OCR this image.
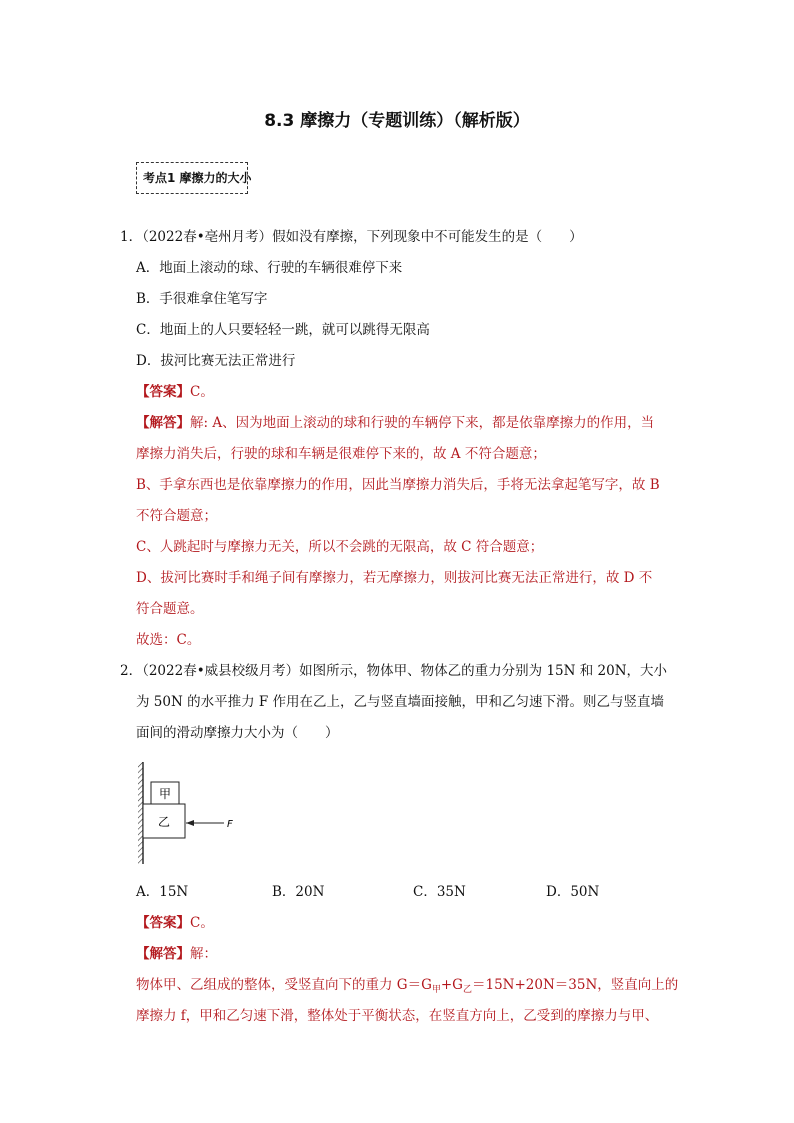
8.3 摩擦力（专题训练）（解析版）
考点1 摩擦力的大小
1．（2022春•亳州月考）假如没有摩擦，下列现象中不可能发生的是（　　）
A．地面上滚动的球、行驶的车辆很难停下来
B．手很难拿住笔写字
C．地面上的人只要轻轻一跳，就可以跳得无限高
D．拔河比赛无法正常进行
【答案】C。
【解答】解: A、因为地面上滚动的球和行驶的车辆停下来，都是依靠摩擦力的作用，当
摩擦力消失后，行驶的球和车辆是很难停下来的，故 A 不符合题意；
B、手拿东西也是依靠摩擦力的作用，因此当摩擦力消失后，手将无法拿起笔写字，故 B
不符合题意；
C、人跳起时与摩擦力无关，所以不会跳的无限高，故 C 符合题意；
D、拔河比赛时手和绳子间有摩擦力，若无摩擦力，则拔河比赛无法正常进行，故 D 不
符合题意。
故选：C。
2．（2022春•威县校级月考）如图所示，物体甲、物体乙的重力分别为 15N 和 20N，大小
为 50N 的水平推力 F 作用在乙上，乙与竖直墙面接触，甲和乙匀速下滑。则乙与竖直墙
面间的滑动摩擦力大小为（　　）
甲
乙	F
A．15N	B．20N	C．35N	D．50N
【答案】C。
【解答】解：
物体甲、乙组成的整体，受竖直向下的重力 $G=G_甲+G_乙=15N+20N=35N$，竖直向上的
摩擦力 f，甲和乙匀速下滑，整体处于平衡状态，在竖直方向上，乙受到的摩擦力与甲、
